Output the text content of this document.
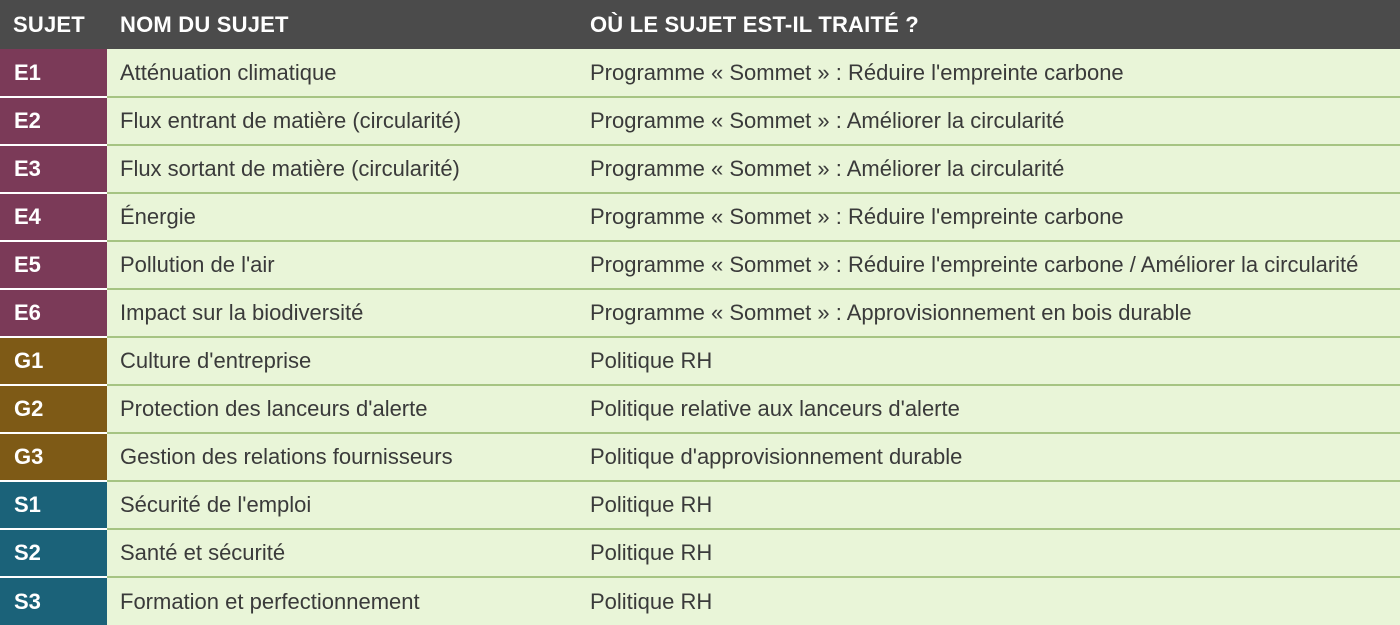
SUJET	NOM DU SUJET	OÙ LE SUJET EST-IL TRAITÉ ?
E1	Atténuation climatique	Programme « Sommet » : Réduire l'empreinte carbone
E2	Flux entrant de matière (circularité)	Programme « Sommet » : Améliorer la circularité
E3	Flux sortant de matière (circularité)	Programme « Sommet » : Améliorer la circularité
E4	Énergie	Programme « Sommet » : Réduire l'empreinte carbone
E5	Pollution de l'air	Programme « Sommet » : Réduire l'empreinte carbone / Améliorer la circularité
E6	Impact sur la biodiversité	Programme « Sommet » : Approvisionnement en bois durable
G1	Culture d'entreprise	Politique RH
G2	Protection des lanceurs d'alerte	Politique relative aux lanceurs d'alerte
G3	Gestion des relations fournisseurs	Politique d'approvisionnement durable
S1	Sécurité de l'emploi	Politique RH
S2	Santé et sécurité	Politique RH
S3	Formation et perfectionnement	Politique RH
